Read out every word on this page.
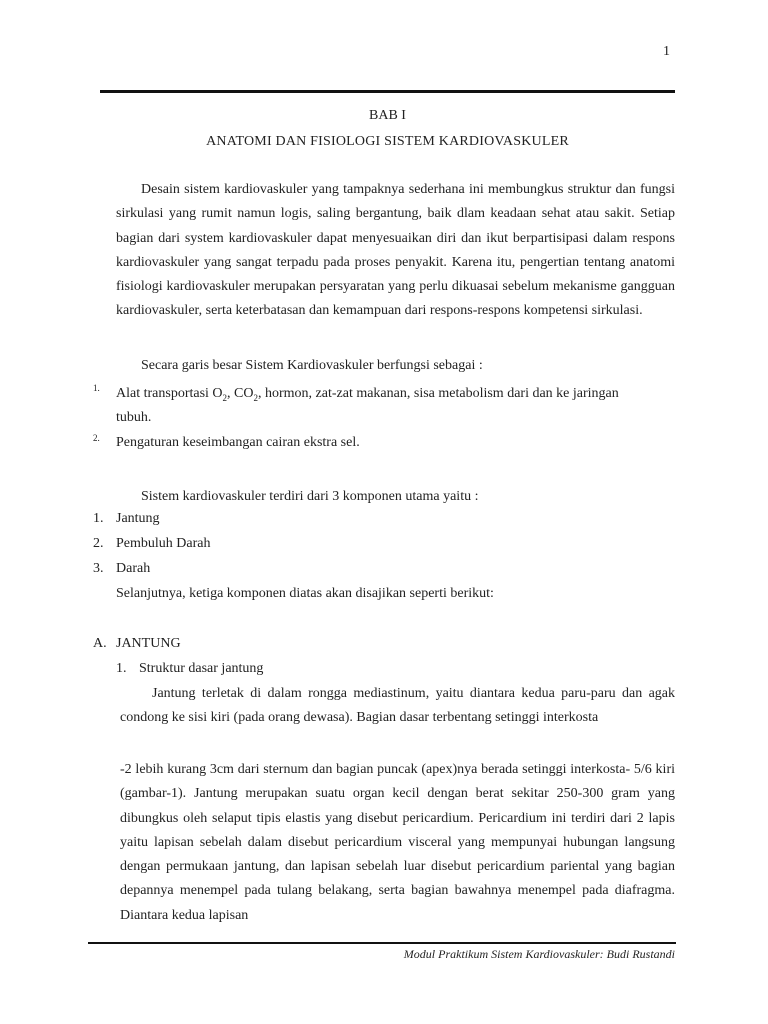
1
BAB I
ANATOMI DAN FISIOLOGI SISTEM KARDIOVASKULER

Desain sistem kardiovaskuler yang tampaknya sederhana ini membungkus struktur dan fungsi sirkulasi yang rumit namun logis, saling bergantung, baik dlam keadaan sehat atau sakit. Setiap bagian dari system kardiovaskuler dapat menyesuaikan diri dan ikut berpartisipasi dalam respons kardiovaskuler yang sangat terpadu pada proses penyakit. Karena itu, pengertian tentang anatomi fisiologi kardiovaskuler merupakan persyaratan yang perlu dikuasai sebelum mekanisme gangguan kardiovaskuler, serta keterbatasan dan kemampuan dari respons-respons kompetensi sirkulasi.

Secara garis besar Sistem Kardiovaskuler berfungsi sebagai :
1. Alat transportasi $O_2$, $CO_2$, hormon, zat-zat makanan, sisa metabolism dari dan ke jaringan
tubuh.
2. Pengaturan keseimbangan cairan ekstra sel.
Sistem kardiovaskuler terdiri dari 3 komponen utama yaitu :
1. Jantung
2. Pembuluh Darah
3. Darah
Selanjutnya, ketiga komponen diatas akan disajikan seperti berikut:
A. JANTUNG
1. Struktur dasar jantung

Jantung terletak di dalam rongga mediastinum, yaitu diantara kedua paru-paru dan agak condong ke sisi kiri (pada orang dewasa). Bagian dasar terbentang setinggi interkosta

-2 lebih kurang 3cm dari sternum dan bagian puncak (apex)nya berada setinggi interkosta- 5/6 kiri (gambar-1). Jantung merupakan suatu organ kecil dengan berat sekitar 250-300 gram yang dibungkus oleh selaput tipis elastis yang disebut pericardium. Pericardium ini terdiri dari 2 lapis yaitu lapisan sebelah dalam disebut pericardium visceral yang mempunyai hubungan langsung dengan permukaan jantung, dan lapisan sebelah luar disebut pericardium pariental yang bagian depannya menempel pada tulang belakang, serta bagian bawahnya menempel pada diafragma. Diantara kedua lapisan

Modul Praktikum Sistem Kardiovaskuler: Budi Rustandi
